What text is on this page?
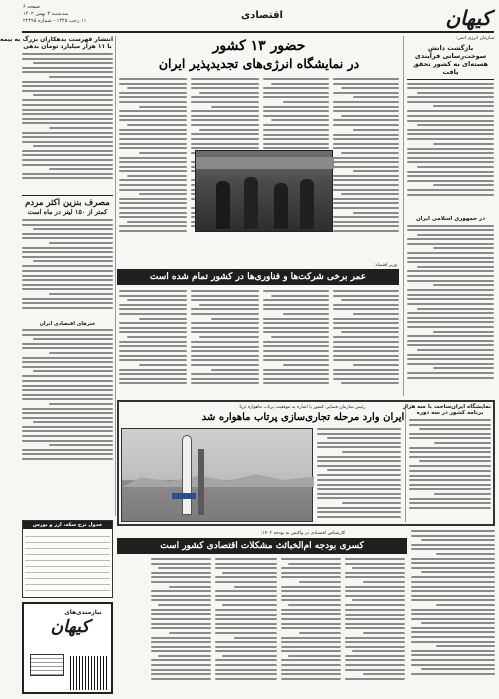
کیهان
اقتصادی
صفحه ۶
سه‌شنبه ۳ بهمن ۱۴۰۲
۱۱ رجب ۱۴۴۵ - شماره ۲۲۴۹۵
سازمان انرژی اتمی:
بازگشت دانش سوخت‌رسانی فرآیندی هسته‌ای به کشور تحقق یافت
در جمهوری اسلامی ایران
حضور ۱۳ کشور
در نمایشگاه انرژی‌های تجدیدپذیر ایران
وزیر اقتصاد:
عمر برخی شرکت‌ها و فناوری‌ها در کشور تمام شده است
انتشار فهرست بدهکاران بزرگ به بیمه
با ۱۱ هزار میلیارد تومان بدهی
مصرف بنزین اکثر مردم
کمتر از ۱۵۰ لیتر در ماه است
خبرهای اقتصادی ایران
رئیس سازمان فضایی کشور با اشاره به موفقیت پرتاب ماهواره ثریا:
ایران وارد مرحله تجاری‌سازی پرتاب ماهواره شد
نمایشگاه ایران‌ساخت با سه هزار
برنامه کشور در سه دوره
کارشناس اقتصادی در واکنش به بودجه ۱۴۰۳:
کسری بودجه ام‌الخبائث مشکلات اقتصادی کشور است
جدول نرخ سکه، ارز و بورس
نیازمندی‌های
کیهان
